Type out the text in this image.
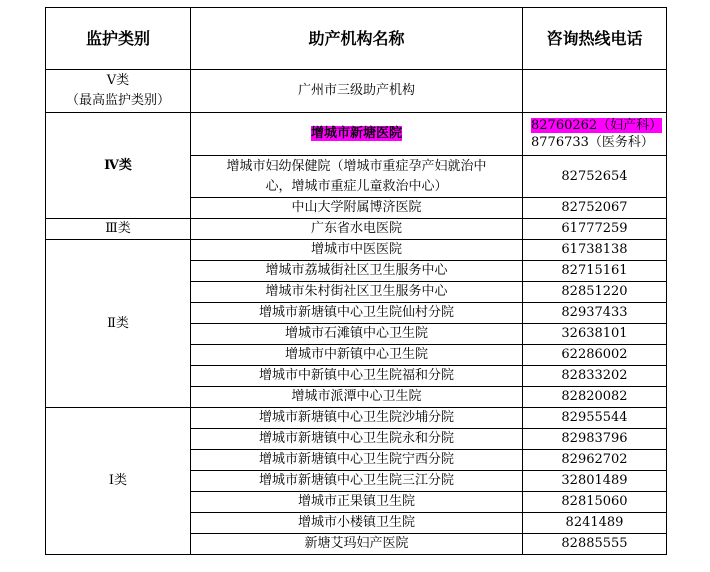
监护类别	助产机构名称	咨询热线电话

Ⅴ类
（最高监护类别）	广州市三级助产机构	
Ⅳ类	增城市新塘医院	82760262（妇产科）
8776733（医务科）

	增城市妇幼保健院（增城市重症孕产妇就治中
心，增城市重症儿童救治中心）	82752654
	中山大学附属博济医院	82752067
Ⅲ类	广东省水电医院	61777259
Ⅱ类	增城市中医医院	61738138
	增城市荔城街社区卫生服务中心	82715161
	增城市朱村街社区卫生服务中心	82851220
	增城市新塘镇中心卫生院仙村分院	82937433
	增城市石滩镇中心卫生院	32638101
	增城市中新镇中心卫生院	62286002
	增城市中新镇中心卫生院福和分院	82833202
	增城市派潭中心卫生院	82820082
Ⅰ类	增城市新塘镇中心卫生院沙埔分院	82955544
	增城市新塘镇中心卫生院永和分院	82983796
	增城市新塘镇中心卫生院宁西分院	82962702
	增城市新塘镇中心卫生院三江分院	32801489
	增城市正果镇卫生院	82815060
	增城市小楼镇卫生院	8241489
	新塘艾玛妇产医院	82885555
